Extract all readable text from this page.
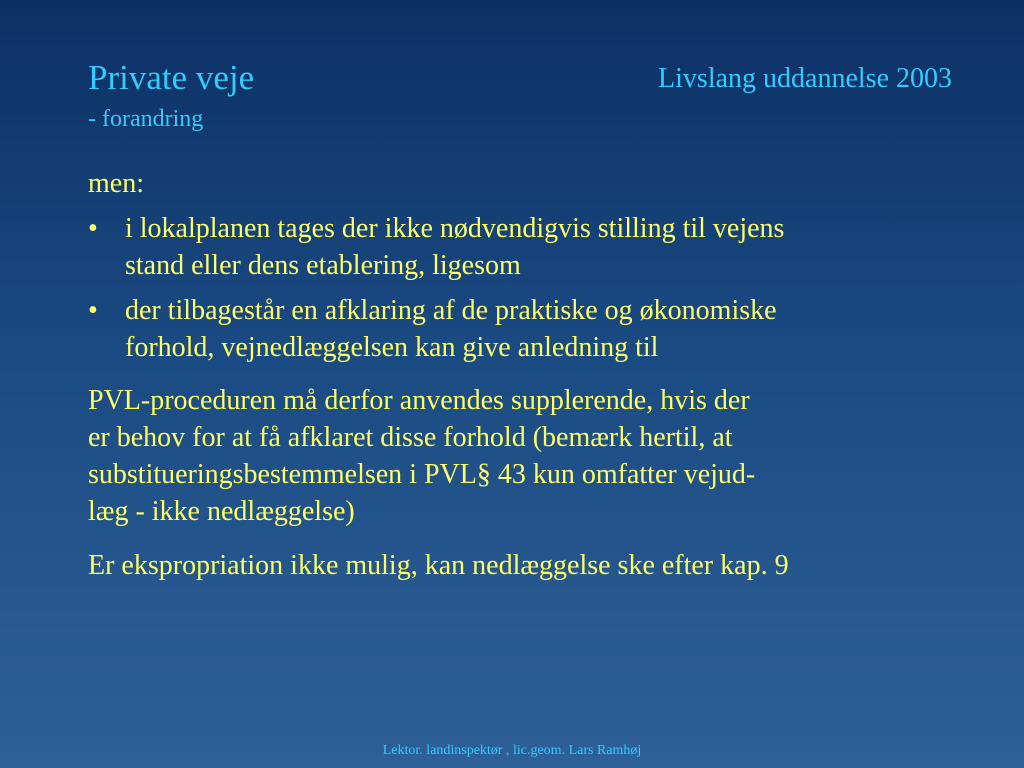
Private veje
- forandring
Livslang uddannelse 2003
men:
• i lokalplanen tages der ikke nødvendigvis stilling til vejens
stand eller dens etablering, ligesom
• der tilbagestår en afklaring af de praktiske og økonomiske
forhold, vejnedlæggelsen kan give anledning til
PVL-proceduren må derfor anvendes supplerende, hvis der
er behov for at få afklaret disse forhold (bemærk hertil, at
substitueringsbestemmelsen i PVL§ 43 kun omfatter vejud-
læg - ikke nedlæggelse)
Er ekspropriation ikke mulig, kan nedlæggelse ske efter kap. 9
Lektor. landinspektør , lic.geom. Lars Ramhøj
